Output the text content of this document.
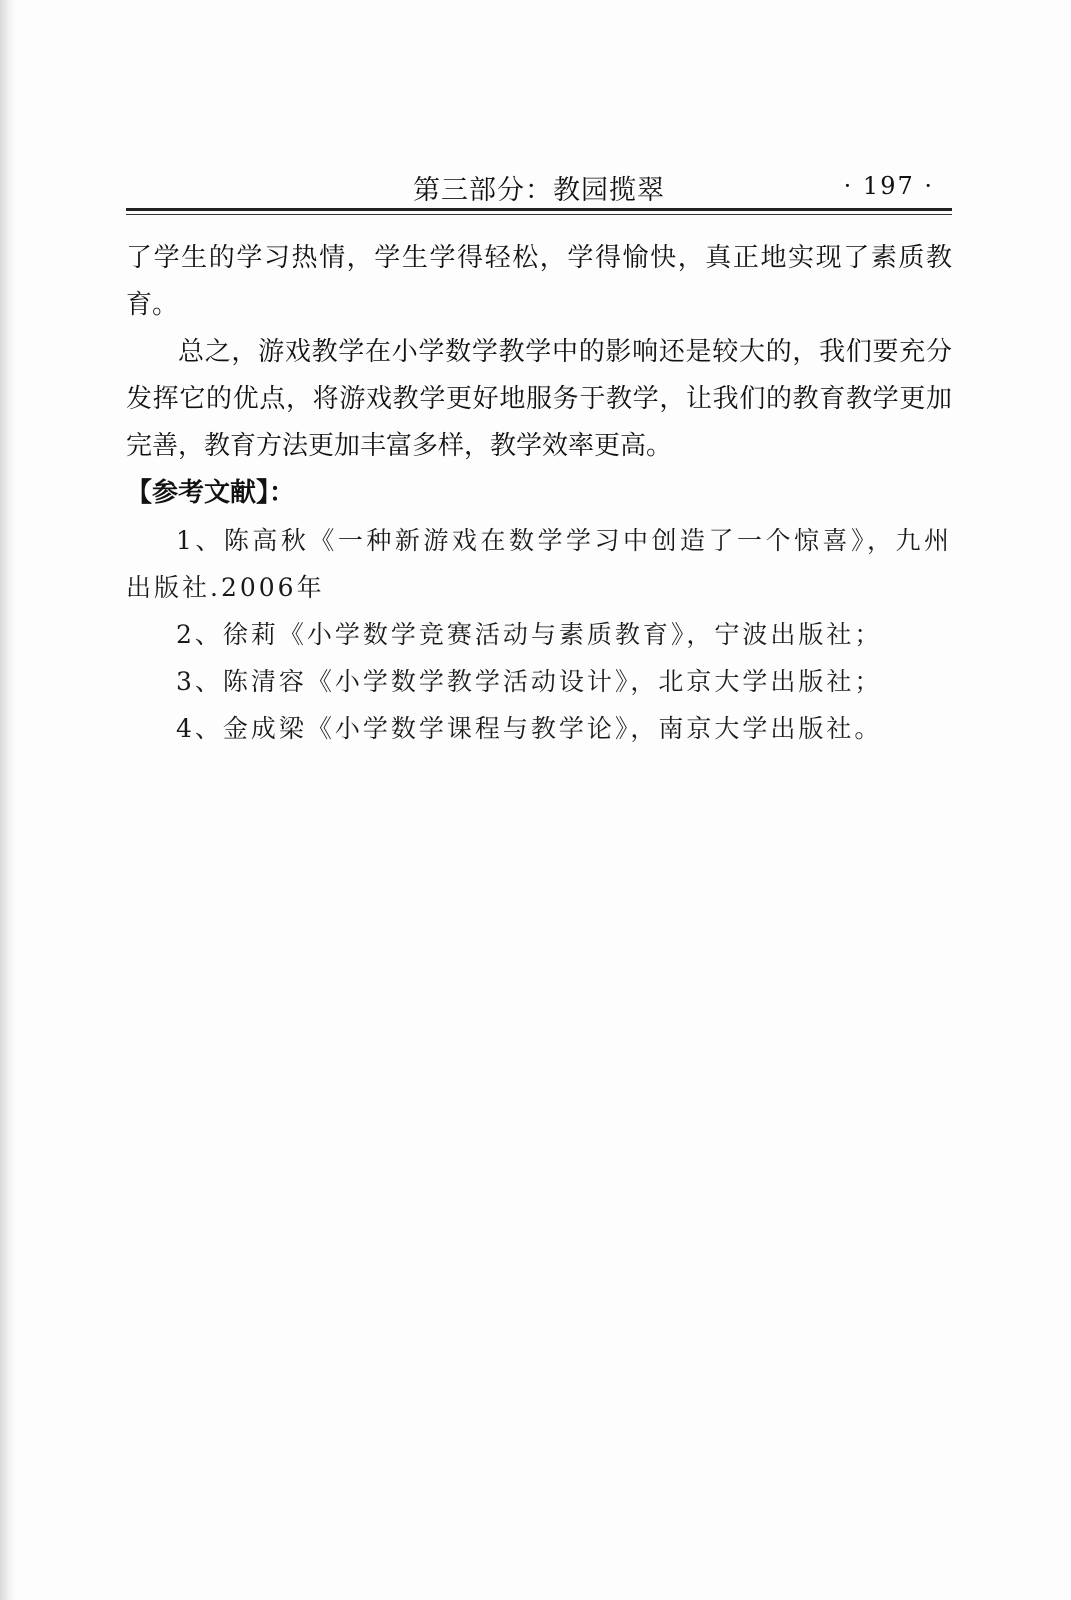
第三部分：教园揽翠	· 197 ·

了学生的学习热情，学生学得轻松，学得愉快，真正地实现了素质教育。

总之，游戏教学在小学数学教学中的影响还是较大的，我们要充分发挥它的优点，将游戏教学更好地服务于教学，让我们的教育教学更加完善，教育方法更加丰富多样，教学效率更高。

【参考文献】：

1、陈高秋《一种新游戏在数学学习中创造了一个惊喜》，九州出版社.2006年

2、徐莉《小学数学竞赛活动与素质教育》，宁波出版社；

3、陈清容《小学数学教学活动设计》，北京大学出版社；

4、金成梁《小学数学课程与教学论》，南京大学出版社。
